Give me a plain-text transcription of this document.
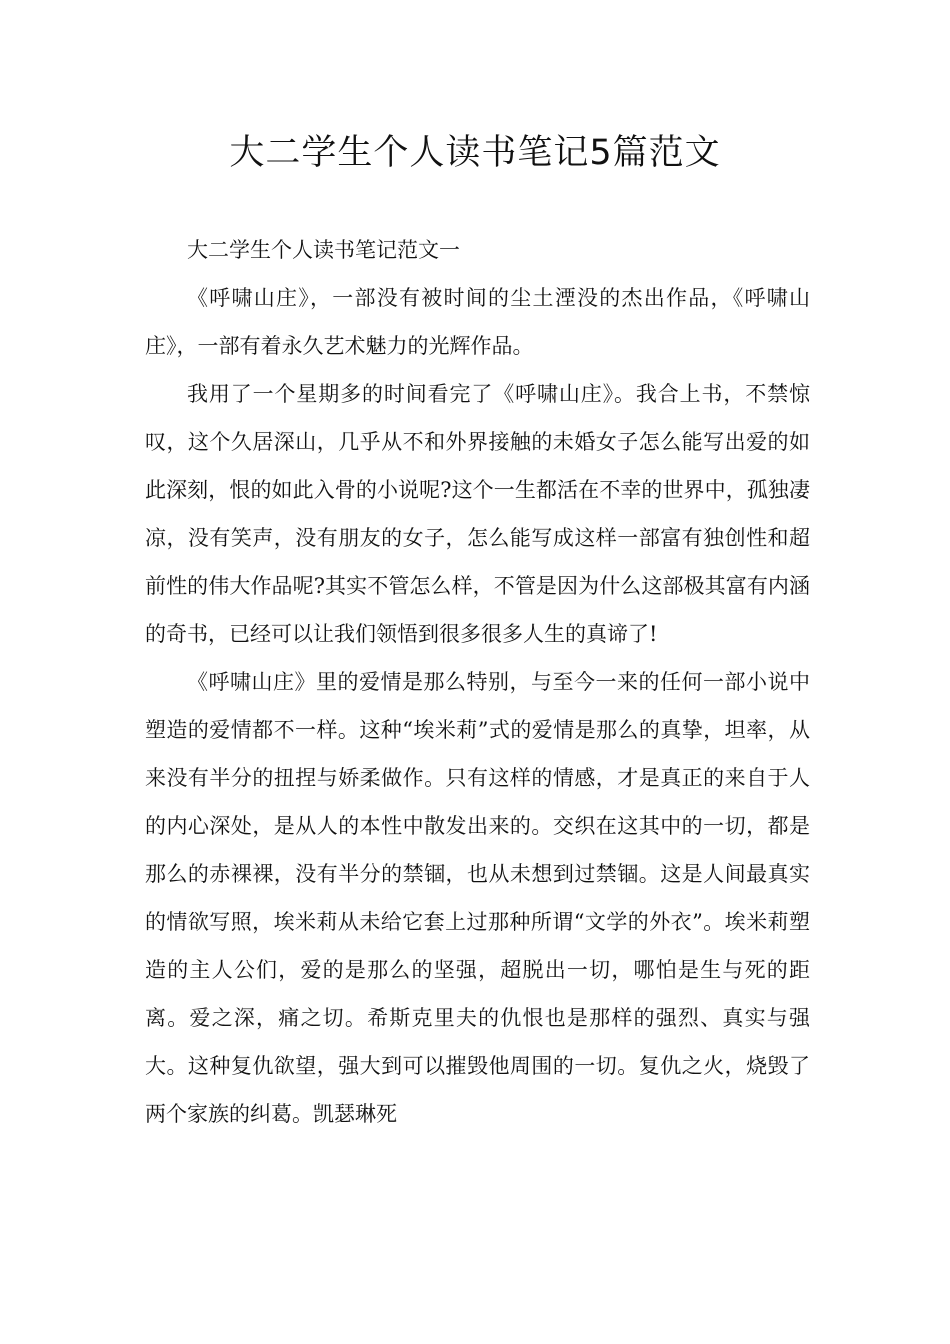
大二学生个人读书笔记5篇范文

大二学生个人读书笔记范文一

《呼啸山庄》，一部没有被时间的尘土湮没的杰出作品，《呼啸山庄》，一部有着永久艺术魅力的光辉作品。

我用了一个星期多的时间看完了《呼啸山庄》。我合上书，不禁惊叹，这个久居深山，几乎从不和外界接触的未婚女子怎么能写出爱的如此深刻，恨的如此入骨的小说呢?这个一生都活在不幸的世界中，孤独凄凉，没有笑声，没有朋友的女子，怎么能写成这样一部富有独创性和超前性的伟大作品呢?其实不管怎么样，不管是因为什么这部极其富有内涵的奇书，已经可以让我们领悟到很多很多人生的真谛了!

《呼啸山庄》里的爱情是那么特别，与至今一来的任何一部小说中塑造的爱情都不一样。这种“埃米莉”式的爱情是那么的真挚，坦率，从来没有半分的扭捏与娇柔做作。只有这样的情感，才是真正的来自于人的内心深处，是从人的本性中散发出来的。交织在这其中的一切，都是那么的赤裸裸，没有半分的禁锢，也从未想到过禁锢。这是人间最真实的情欲写照，埃米莉从未给它套上过那种所谓“文学的外衣”。埃米莉塑造的主人公们，爱的是那么的坚强，超脱出一切，哪怕是生与死的距离。爱之深，痛之切。希斯克里夫的仇恨也是那样的强烈、真实与强大。这种复仇欲望，强大到可以摧毁他周围的一切。复仇之火，烧毁了两个家族的纠葛。凯瑟琳死
